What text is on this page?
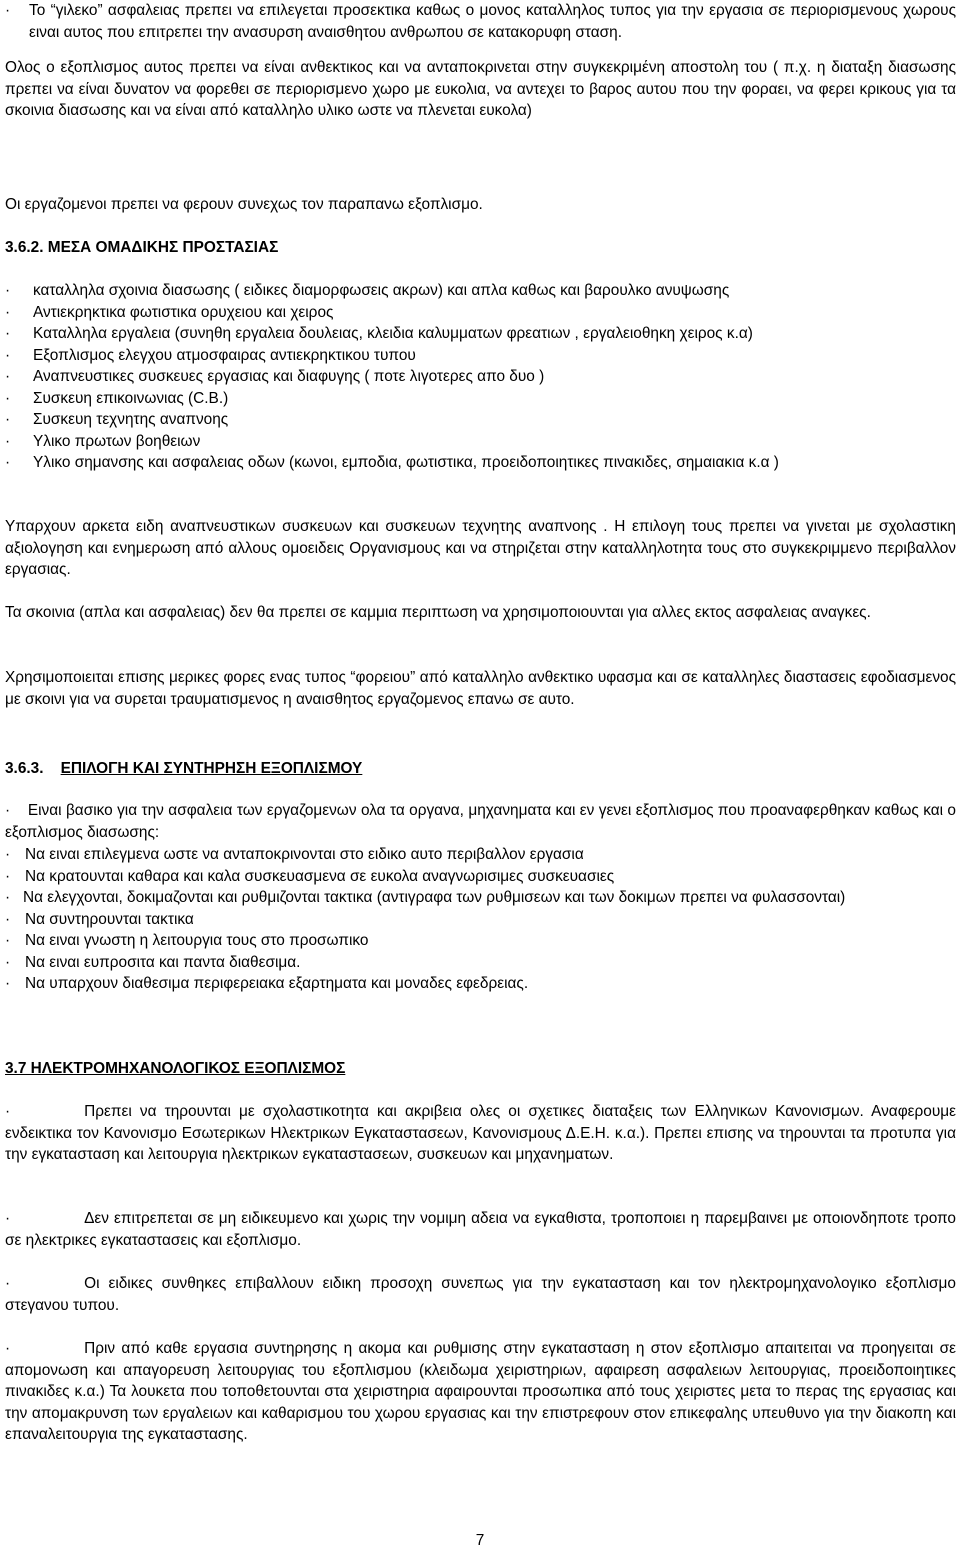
· Το “γιλεκο” ασφαλειας πρεπει να επιλεγεται προσεκτικα καθως ο μονος καταλληλος τυπος για την εργασια σε περιορισμενους χωρους ειναι αυτος που επιτρεπει την ανασυρση αναισθητου ανθρωπου σε κατακορυφη σταση.

Ολος ο εξοπλισμος αυτος πρεπει να είναι ανθεκτικος και να ανταποκρινεται στην συγκεκριμένη αποστολη του ( π.χ. η διαταξη διασωσης πρεπει να είναι δυνατον να φορεθει σε περιορισμενο χωρο με ευκολια, να αντεχει το βαρος αυτου που την φοραει, να φερει κρικους για τα σκοινια διασωσης και να είναι από καταλληλο υλικο ωστε να πλενεται ευκολα)

Οι εργαζομενοι πρεπει να φερουν συνεχως τον παραπανω εξοπλισμο.

3.6.2. ΜΕΣΑ ΟΜΑΔΙΚΗΣ ΠΡΟΣΤΑΣΙΑΣ

· καταλληλα σχοινια διασωσης ( ειδικες διαμορφωσεις ακρων) και απλα καθως και βαρουλκο ανυψωσης
· Αντιεκρηκτικα φωτιστικα ορυχειου και χειρος
· Καταλληλα εργαλεια (συνηθη εργαλεια δουλειας, κλειδια καλυμματων φρεατιων , εργαλειοθηκη χειρος κ.α)
· Εξοπλισμος ελεγχου ατμοσφαιρας αντιεκρηκτικου τυπου
· Αναπνευστικες συσκευες εργασιας και διαφυγης ( ποτε λιγοτερες απο δυο )
· Συσκευη επικοινωνιας (C.B.)
· Συσκευη τεχνητης αναπνοης
· Υλικο πρωτων βοηθειων
· Υλικο σημανσης και ασφαλειας οδων (κωνοι, εμποδια, φωτιστικα, προειδοποιητικες πινακιδες, σημαιακια κ.α )

Υπαρχουν αρκετα ειδη αναπνευστικων συσκευων και συσκευων τεχνητης αναπνοης . Η επιλογη τους πρεπει να γινεται με σχολαστικη αξιολογηση και ενημερωση από αλλους ομοειδεις Οργανισμους και να στηριζεται στην καταλληλοτητα τους στο συγκεκριμμενο περιβαλλον εργασιας.

Τα σκοινια (απλα και ασφαλειας) δεν θα πρεπει σε καμμια περιπτωση να χρησιμοποιουνται για αλλες εκτος ασφαλειας αναγκες.

Χρησιμοποιειται επισης μερικες φορες ενας τυπος “φορειου” από καταλληλο ανθεκτικο υφασμα και σε καταλληλες διαστασεις εφοδιασμενος με σκοινι για να συρεται τραυματισμενος η αναισθητος εργαζομενος επανω σε αυτο.

3.6.3. ΕΠΙΛΟΓΗ ΚΑΙ ΣΥΝΤΗΡΗΣΗ ΕΞΟΠΛΙΣΜΟΥ

· Ειναι βασικο για την ασφαλεια των εργαζομενων ολα τα οργανα, μηχανηματα και εν γενει εξοπλισμος που προαναφερθηκαν καθως και ο εξοπλισμος διασωσης:

· Να ειναι επιλεγμενα ωστε να ανταποκρινονται στο ειδικο αυτο περιβαλλον εργασια
· Να κρατουνται καθαρα και καλα συσκευασμενα σε ευκολα αναγνωρισιμες συσκευασιες
· Να ελεγχονται, δοκιμαζονται και ρυθμιζονται τακτικα (αντιγραφα των ρυθμισεων και των δοκιμων πρεπει να φυλασσονται)
· Να συντηρουνται τακτικα
· Να ειναι γνωστη η λειτουργια τους στο προσωπικο
· Να ειναι ευπροσιτα και παντα διαθεσιμα.
· Να υπαρχουν διαθεσιμα περιφερειακα εξαρτηματα και μοναδες εφεδρειας.

3.7 ΗΛΕΚΤΡΟΜΗΧΑΝΟΛΟΓΙΚΟΣ ΕΞΟΠΛΙΣΜΟΣ

·	Πρεπει να τηρουνται με σχολαστικοτητα και ακριβεια ολες οι σχετικες διαταξεις των Ελληνικων Κανονισμων. Αναφερουμε ενδεικτικα τον Κανονισμο Εσωτερικων Ηλεκτρικων Εγκαταστασεων, Κανονισμους Δ.Ε.Η. κ.α.). Πρεπει επισης να τηρουνται τα προτυπα για την εγκατασταση και λειτουργια ηλεκτρικων εγκαταστασεων, συσκευων και μηχανηματων.

·	Δεν επιτρεπεται σε μη ειδικευμενο και χωρις την νομιμη αδεια να εγκαθιστα, τροποποιει η παρεμβαινει με οποιονδηποτε τροπο σε ηλεκτρικες εγκαταστασεις και εξοπλισμο.

·	Οι ειδικες συνθηκες επιβαλλουν ειδικη προσοχη συνεπως για την εγκατασταση και τον ηλεκτρομηχανολογικο εξοπλισμο στεγανου τυπου.

·	Πριν από καθε εργασια συντηρησης η ακομα και ρυθμισης στην εγκατασταση η στον εξοπλισμο απαιτειται να προηγειται σε απομονωση και απαγορευση λειτουργιας του εξοπλισμου (κλειδωμα χειριστηριων, αφαιρεση ασφαλειων λειτουργιας, προειδοποιητικες πινακιδες κ.α.) Τα λουκετα που τοποθετουνται στα χειριστηρια αφαιρουνται προσωπικα από τους χειριστες μετα το περας της εργασιας και την απομακρυνση των εργαλειων και καθαρισμου του χωρου εργασιας και την επιστρεφουν στον επικεφαλης υπευθυνο για την διακοπη και επαναλειτουργια της εγκαταστασης.

7
